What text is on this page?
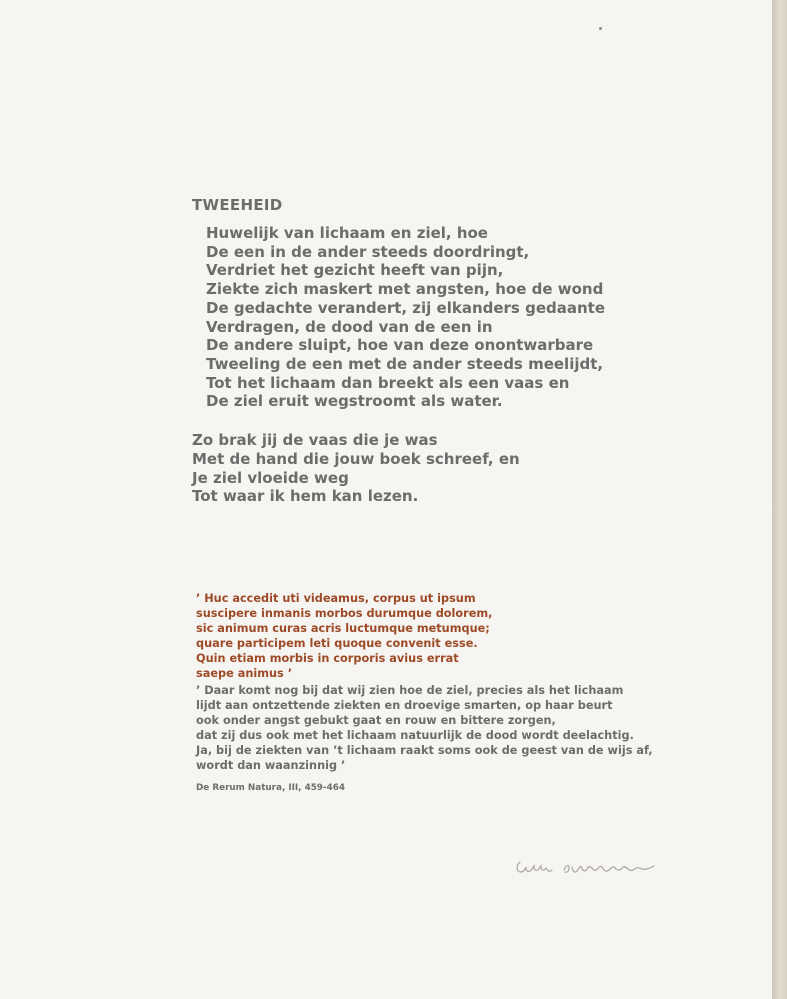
TWEEHEID
Huwelijk van lichaam en ziel, hoe
De een in de ander steeds doordringt,
Verdriet het gezicht heeft van pijn,
Ziekte zich maskert met angsten, hoe de wond
De gedachte verandert, zij elkanders gedaante
Verdragen, de dood van de een in
De andere sluipt, hoe van deze onontwarbare
Tweeling de een met de ander steeds meelijdt,
Tot het lichaam dan breekt als een vaas en
De ziel eruit wegstroomt als water.
Zo brak jij de vaas die je was
Met de hand die jouw boek schreef, en
Je ziel vloeide weg
Tot waar ik hem kan lezen.
’ Huc accedit uti videamus, corpus ut ipsum
suscipere inmanis morbos durumque dolorem,
sic animum curas acris luctumque metumque;
quare participem leti quoque convenit esse.
Quin etiam morbis in corporis avius errat
saepe animus ’
’ Daar komt nog bij dat wij zien hoe de ziel, precies als het lichaam
lijdt aan ontzettende ziekten en droevige smarten, op haar beurt
ook onder angst gebukt gaat en rouw en bittere zorgen,
dat zij dus ook met het lichaam natuurlijk de dood wordt deelachtig.
Ja, bij de ziekten van ’t lichaam raakt soms ook de geest van de wijs af,
wordt dan waanzinnig ’
De Rerum Natura, III, 459-464
